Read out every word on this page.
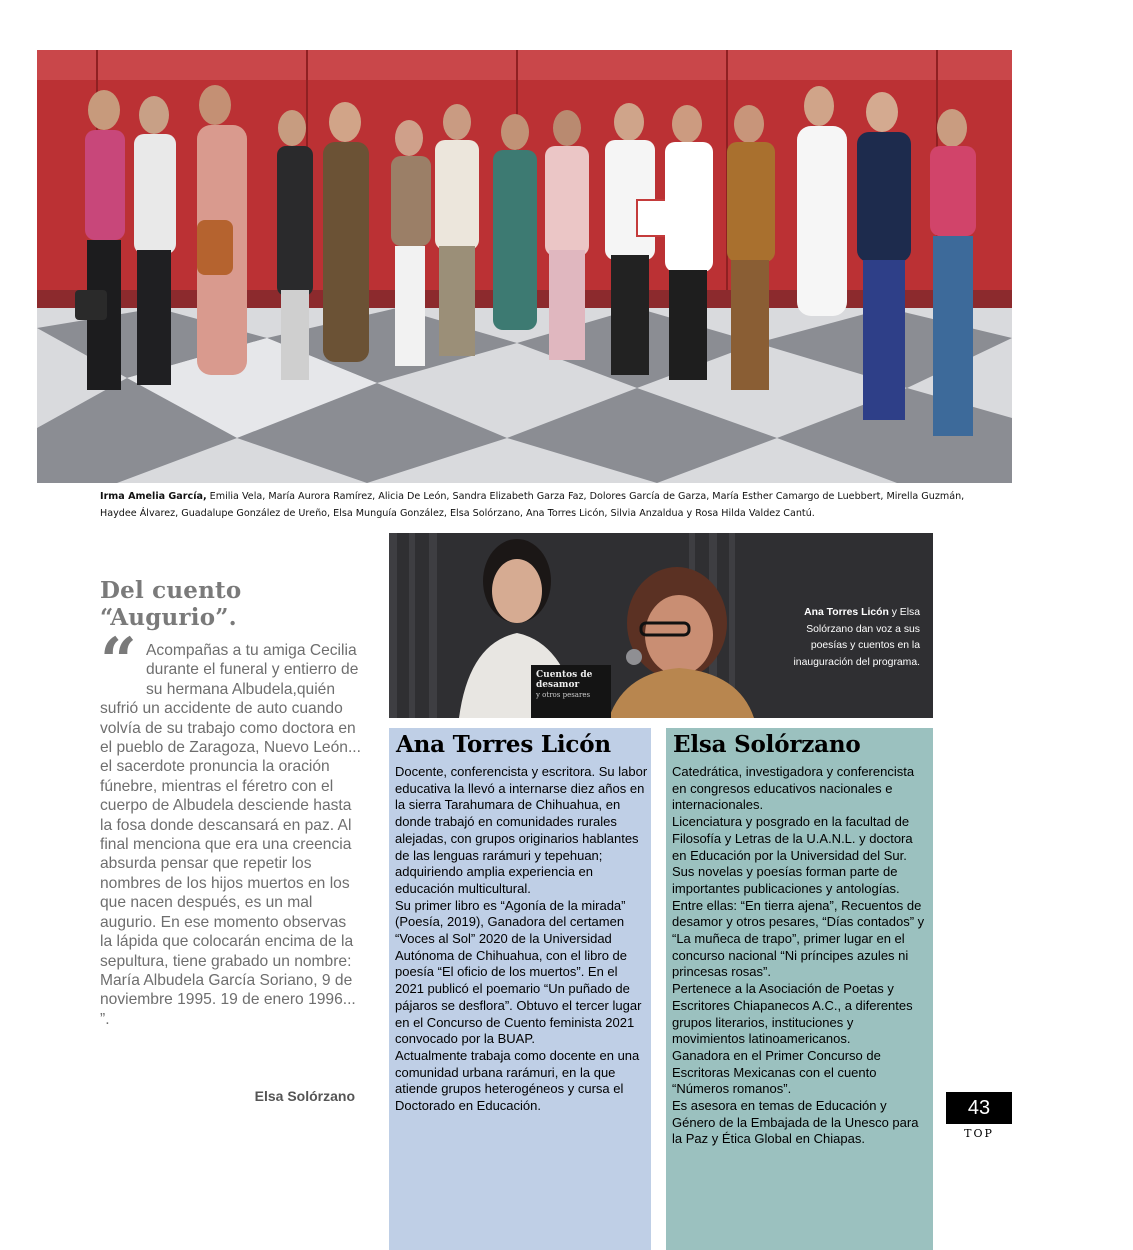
Irma Amelia García, Emilia Vela, María Aurora Ramírez, Alicia De León, Sandra Elizabeth Garza Faz, Dolores García de Garza, María Esther Camargo de Luebbert, Mirella Guzmán, Haydee Álvarez, Guadalupe González de Ureño, Elsa Munguía González, Elsa Solórzano, Ana Torres Licón, Silvia Anzaldua y Rosa Hilda Valdez Cantú.
Del cuento
“Augurio”.
“ Acompañas a tu amiga Cecilia durante el funeral y entierro de su hermana Albudela,quién sufrió un accidente de auto cuando volvía de su trabajo como doctora en el pueblo de Zaragoza, Nuevo León... el sacerdote pronuncia la oración fúnebre, mientras el féretro con el cuerpo de Albudela desciende hasta la fosa donde descansará en paz. Al final menciona que era una creencia absurda pensar que repetir los nombres de los hijos muertos en los que nacen después, es un mal augurio. En ese momento observas la lápida que colocarán encima de la sepultura, tiene grabado un nombre: María Albudela García Soriano, 9 de noviembre 1995. 19 de enero 1996... ”.
Elsa Solórzano
Cuentos de desamor
y otros pesares
Ana Torres Licón y Elsa Solórzano dan voz a sus poesías y cuentos en la inauguración del programa.
Ana Torres Licón

Docente, conferencista y escritora. Su labor educativa la llevó a internarse diez años en la sierra Tarahumara de Chihuahua, en donde trabajó en comunidades rurales alejadas, con grupos originarios hablantes de las lenguas rarámuri y tepehuan; adquiriendo amplia experiencia en educación multicultural.

Su primer libro es “Agonía de la mirada” (Poesía, 2019), Ganadora del certamen “Voces al Sol” 2020 de la Universidad Autónoma de Chihuahua, con el libro de poesía “El oficio de los muertos”. En el 2021 publicó el poemario “Un puñado de pájaros se desflora”. Obtuvo el tercer lugar en el Concurso de Cuento feminista 2021 convocado por la BUAP.

Actualmente trabaja como docente en una comunidad urbana rarámuri, en la que atiende grupos heterogéneos y cursa el Doctorado en Educación.

Elsa Solórzano

Catedrática, investigadora y conferencista en congresos educativos nacionales e internacionales.

Licenciatura y posgrado en la facultad de Filosofía y Letras de la U.A.N.L. y doctora en Educación por la Universidad del Sur.

Sus novelas y poesías forman parte de importantes publicaciones y antologías. Entre ellas: “En tierra ajena”, Recuentos de desamor y otros pesares, “Días contados” y “La muñeca de trapo”, primer lugar en el concurso nacional “Ni príncipes azules ni princesas rosas”.

Pertenece a la Asociación de Poetas y Escritores Chiapanecos A.C., a diferentes grupos literarios, instituciones y movimientos latinoamericanos.

Ganadora en el Primer Concurso de Escritoras Mexicanas con el cuento “Números romanos”.

Es asesora en temas de Educación y Género de la Embajada de la Unesco para la Paz y Ética Global en Chiapas.

43
TOP
